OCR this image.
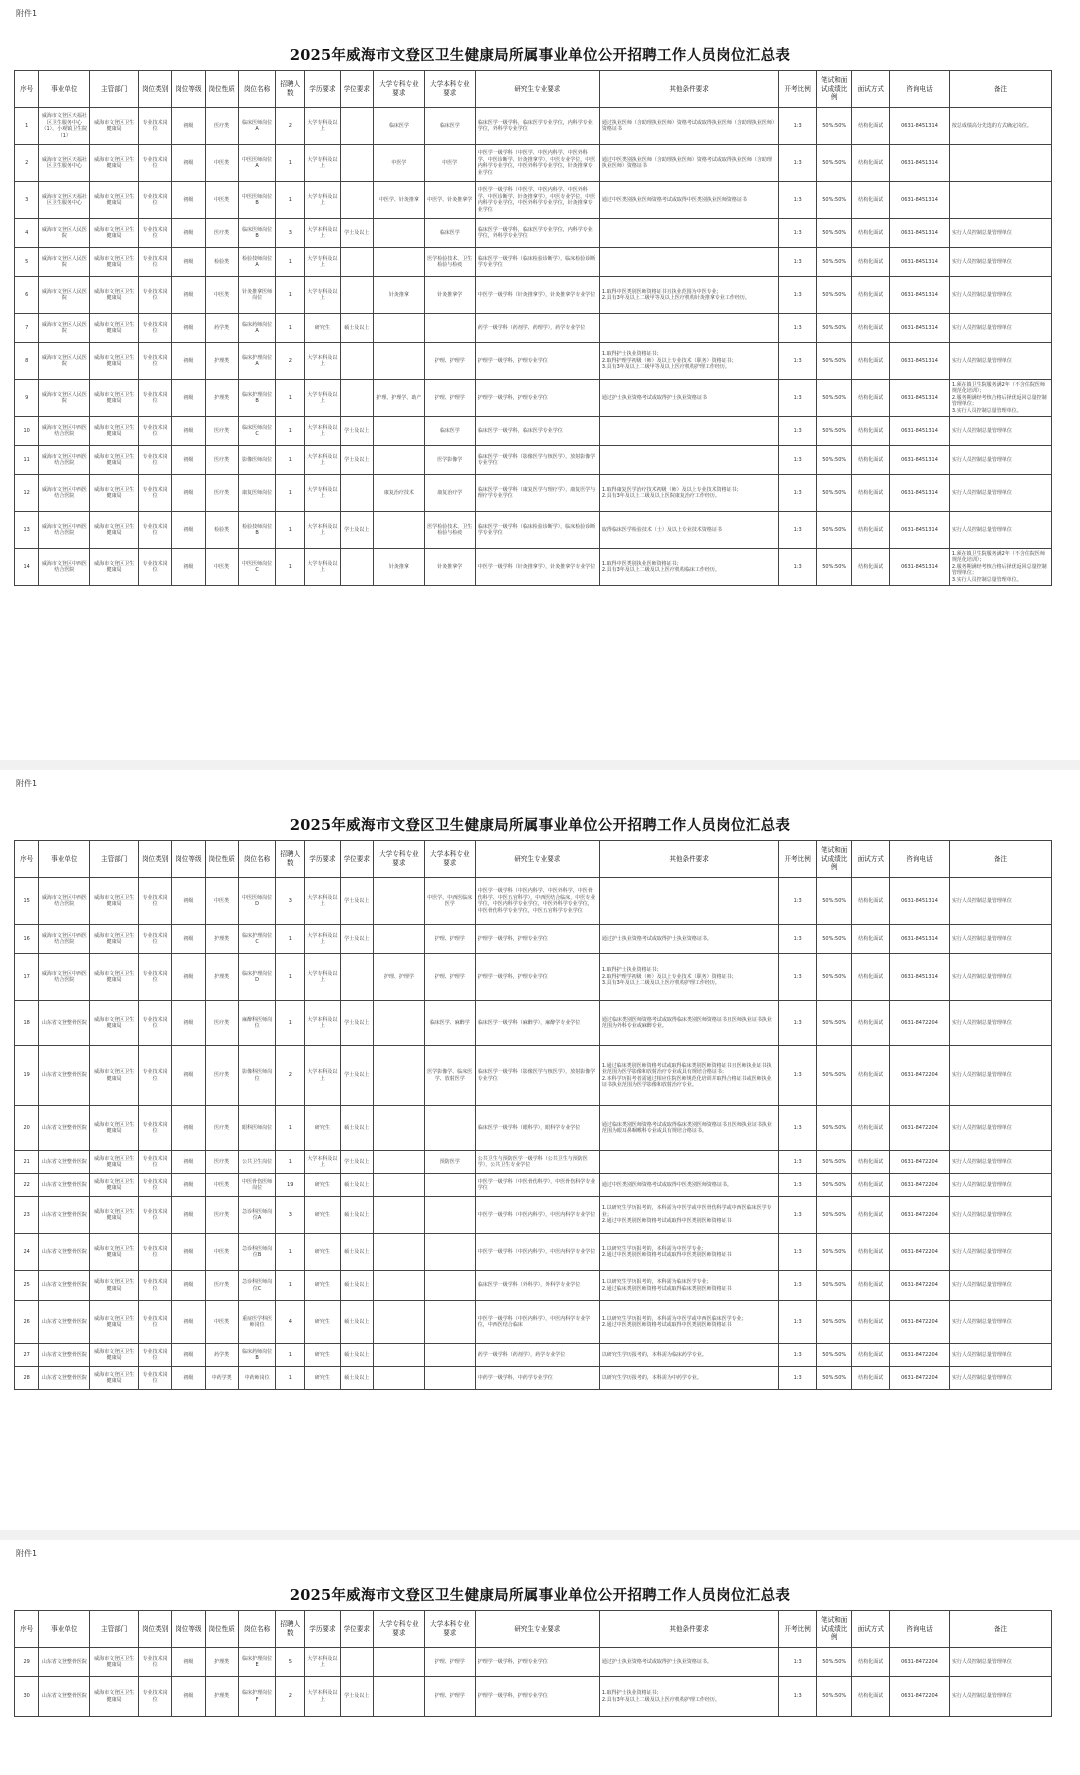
附件1
2025年威海市文登区卫生健康局所属事业单位公开招聘工作人员岗位汇总表
序号	事业单位	主管部门	岗位类别	岗位等级	岗位性质	岗位名称	招聘人数	学历要求	学位要求	大学专科专业要求	大学本科专业要求	研究生专业要求	其他条件要求	开考比例	笔试和面试成绩比例	面试方式	咨询电话	备注
1	威海市文登区天福社区卫生服务中心（1）、小观镇卫生院（1）	威海市文登区卫生健康局	专业技术岗位	初级	医疗类	临床医师岗位A	2	大学专科及以上		临床医学	临床医学	临床医学一级学科，临床医学专业学位，内科学专业学位，外科学专业学位	通过执业医师（含助理执业医师）资格考试或取得执业医师（含助理执业医师）资格证书	1:3	50%:50%	结构化面试	0631-8451314	按总成绩高分先选的方式确定岗位。
2	威海市文登区天福社区卫生服务中心	威海市文登区卫生健康局	专业技术岗位	初级	中医类	中医医师岗位A	1	大学专科及以上		中医学	中医学	中医学一级学科（中医学、中医内科学、中医外科学、中医诊断学、针灸推拿学），中医专业学位，中医内科学专业学位，中医外科学专业学位，针灸推拿专业学位	通过中医类别执业医师（含助理执业医师）资格考试或取得执业医师（含助理执业医师）资格证书	1:3	50%:50%	结构化面试	0631-8451314	
3	威海市文登区天福社区卫生服务中心	威海市文登区卫生健康局	专业技术岗位	初级	中医类	中医医师岗位B	1	大学专科及以上		中医学、针灸推拿	中医学、针灸推拿学	中医学一级学科（中医学、中医内科学、中医外科学、中医诊断学、针灸推拿学），中医专业学位，中医内科学专业学位，中医外科学专业学位，针灸推拿专业学位	通过中医类别执业医师资格考试或取得中医类别执业医师资格证书	1:3	50%:50%	结构化面试	0631-8451314	
4	威海市文登区人民医院	威海市文登区卫生健康局	专业技术岗位	初级	医疗类	临床医师岗位B	3	大学本科及以上	学士及以上		临床医学	临床医学一级学科，临床医学专业学位，内科学专业学位，外科学专业学位		1:3	50%:50%	结构化面试	0631-8451314	实行人员控制总量管理单位
5	威海市文登区人民医院	威海市文登区卫生健康局	专业技术岗位	初级	检验类	检验技师岗位A	1	大学专科及以上			医学检验技术、卫生检验与检疫	临床医学一级学科（临床检验诊断学），临床检验诊断学专业学位		1:3	50%:50%	结构化面试	0631-8451314	实行人员控制总量管理单位
6	威海市文登区人民医院	威海市文登区卫生健康局	专业技术岗位	初级	中医类	针灸推拿医师岗位	1	大学专科及以上		针灸推拿	针灸推拿学	中医学一级学科（针灸推拿学），针灸推拿学专业学位	1.取得中医类别医师资格证书且执业范围为中医专业；
2.具有3年及以上二级甲等及以上医疗机构针灸推拿专业工作经历。	1:3	50%:50%	结构化面试	0631-8451314	实行人员控制总量管理单位
7	威海市文登区人民医院	威海市文登区卫生健康局	专业技术岗位	初级	药学类	临床药师岗位A	1	研究生	硕士及以上			药学一级学科（药剂学、药理学），药学专业学位		1:3	50%:50%	结构化面试	0631-8451314	实行人员控制总量管理单位
8	威海市文登区人民医院	威海市文登区卫生健康局	专业技术岗位	初级	护理类	临床护理岗位A	2	大学本科及以上			护理、护理学	护理学一级学科，护理专业学位	1.取得护士执业资格证书；
2.取得护理学初级（师）及以上专业技术（职务）资格证书；
3.具有3年及以上二级甲等及以上医疗机构护理工作经历。	1:3	50%:50%	结构化面试	0631-8451314	实行人员控制总量管理单位
9	威海市文登区人民医院	威海市文登区卫生健康局	专业技术岗位	初级	护理类	临床护理岗位B	1	大学专科及以上		护理、护理学、助产	护理、护理学	护理学一级学科，护理专业学位	通过护士执业资格考试或取得护士执业资格证书	1:3	50%:50%	结构化面试	0631-8451314	1.须在镇卫生院服务满2年（不含住院医师规范化培训）；
2.服务期满经考核合格后择优返回总量控制管理单位；
3.实行人员控制总量管理单位。
10	威海市文登区中西医结合医院	威海市文登区卫生健康局	专业技术岗位	初级	医疗类	临床医师岗位C	1	大学本科及以上	学士及以上		临床医学	临床医学一级学科，临床医学专业学位		1:3	50%:50%	结构化面试	0631-8451314	实行人员控制总量管理单位
11	威海市文登区中西医结合医院	威海市文登区卫生健康局	专业技术岗位	初级	医疗类	影像医师岗位	1	大学本科及以上	学士及以上		医学影像学	临床医学一级学科（影像医学与核医学），放射影像学专业学位		1:3	50%:50%	结构化面试	0631-8451314	实行人员控制总量管理单位
12	威海市文登区中西医结合医院	威海市文登区卫生健康局	专业技术岗位	初级	医疗类	康复医师岗位	1	大学专科及以上		康复治疗技术	康复治疗学	临床医学一级学科（康复医学与理疗学），康复医学与理疗学专业学位	1.取得康复医学治疗技术初级（师）及以上专业技术资格证书；
2.具有3年及以上二级及以上医院康复治疗工作经历。	1:3	50%:50%	结构化面试	0631-8451314	实行人员控制总量管理单位
13	威海市文登区中西医结合医院	威海市文登区卫生健康局	专业技术岗位	初级	检验类	检验技师岗位B	1	大学本科及以上	学士及以上		医学检验技术、卫生检验与检疫	临床医学一级学科（临床检验诊断学），临床检验诊断学专业学位	取得临床医学检验技术（士）及以上专业技术资格证书	1:3	50%:50%	结构化面试	0631-8451314	实行人员控制总量管理单位
14	威海市文登区中西医结合医院	威海市文登区卫生健康局	专业技术岗位	初级	中医类	中医医师岗位C	1	大学专科及以上		针灸推拿	针灸推拿学	中医学一级学科（针灸推拿学），针灸推拿学专业学位	1.取得中医类别执业医师资格证书；
2.具有3年及以上二级及以上医疗机构临床工作经历。	1:3	50%:50%	结构化面试	0631-8451314	1.须在镇卫生院服务满2年（不含住院医师规范化培训）；
2.服务期满经考核合格后择优返回总量控制管理单位；
3.实行人员控制总量管理单位。
附件1
2025年威海市文登区卫生健康局所属事业单位公开招聘工作人员岗位汇总表
序号	事业单位	主管部门	岗位类别	岗位等级	岗位性质	岗位名称	招聘人数	学历要求	学位要求	大学专科专业要求	大学本科专业要求	研究生专业要求	其他条件要求	开考比例	笔试和面试成绩比例	面试方式	咨询电话	备注
15	威海市文登区中西医结合医院	威海市文登区卫生健康局	专业技术岗位	初级	中医类	中医医师岗位D	3	大学本科及以上	学士及以上		中医学、中西医临床医学	中医学一级学科（中医内科学、中医外科学、中医骨伤科学、中医五官科学），中西医结合临床，中医专业学位，中医内科学专业学位，中医外科学专业学位，中医骨伤科学专业学位，中医五官科学专业学位		1:3	50%:50%	结构化面试	0631-8451314	实行人员控制总量管理单位
16	威海市文登区中西医结合医院	威海市文登区卫生健康局	专业技术岗位	初级	护理类	临床护理岗位C	1	大学本科及以上	学士及以上		护理、护理学	护理学一级学科，护理专业学位	通过护士执业资格考试或取得护士执业资格证书。	1:3	50%:50%	结构化面试	0631-8451314	实行人员控制总量管理单位
17	威海市文登区中西医结合医院	威海市文登区卫生健康局	专业技术岗位	初级	护理类	临床护理岗位D	1	大学专科及以上		护理、护理学	护理、护理学	护理学一级学科，护理专业学位	1.取得护士执业资格证书；
2.取得护理学初级（师）及以上专业技术（职务）资格证书；
3.具有3年及以上二级及以上医疗机构护理工作经历。	1:3	50%:50%	结构化面试	0631-8451314	实行人员控制总量管理单位
18	山东省文登整骨医院	威海市文登区卫生健康局	专业技术岗位	初级	医疗类	麻醉科医师岗位	1	大学本科及以上	学士及以上		临床医学、麻醉学	临床医学一级学科（麻醉学），麻醉学专业学位	通过临床类别医师资格考试或取得临床类别医师资格证书且医师执业证书执业范围为外科专业或麻醉专业。	1:3	50%:50%	结构化面试	0631-8472204	实行人员控制总量管理单位
19	山东省文登整骨医院	威海市文登区卫生健康局	专业技术岗位	初级	医疗类	影像科医师岗位	2	大学本科及以上	学士及以上		医学影像学、临床医学、放射医学	临床医学一级学科（影像医学与核医学），放射影像学专业学位	1.通过临床类别医师资格考试或取得临床类别医师资格证书且医师执业证书执业范围为医学影像和放射治疗专业或具有规培合格证书；
2.本科学历报考者需通过相应住院医师规范化培训并取得合格证书或医师执业证书执业范围为医学影像和放射治疗专业。	1:3	50%:50%	结构化面试	0631-8472204	实行人员控制总量管理单位
20	山东省文登整骨医院	威海市文登区卫生健康局	专业技术岗位	初级	医疗类	眼科医师岗位	1	研究生	硕士及以上			临床医学一级学科（眼科学），眼科学专业学位	通过临床类别医师资格考试或取得临床类别医师资格证书且医师执业证书执业范围为眼耳鼻咽喉科专业或具有规培合格证书。	1:3	50%:50%	结构化面试	0631-8472204	实行人员控制总量管理单位
21	山东省文登整骨医院	威海市文登区卫生健康局	专业技术岗位	初级	医疗类	公共卫生岗位	1	大学本科及以上	学士及以上		预防医学	公共卫生与预防医学一级学科（公共卫生与预防医学），公共卫生专业学位		1:3	50%:50%	结构化面试	0631-8472204	实行人员控制总量管理单位
22	山东省文登整骨医院	威海市文登区卫生健康局	专业技术岗位	初级	中医类	中医骨伤医师岗位	19	研究生	硕士及以上			中医学一级学科（中医骨伤科学），中医骨伤科学专业学位	通过中医类别医师资格考试或取得中医类别医师资格证书。	1:3	50%:50%	结构化面试	0631-8472204	实行人员控制总量管理单位
23	山东省文登整骨医院	威海市文登区卫生健康局	专业技术岗位	初级	医疗类	急诊科医师岗位A	3	研究生	硕士及以上			中医学一级学科（中医内科学），中医内科学专业学位	1.以研究生学历报考的，本科需为中医学或中医骨伤科学或中西医临床医学专业；
2.通过中医类别医师资格考试或取得中医类别医师资格证书	1:3	50%:50%	结构化面试	0631-8472204	实行人员控制总量管理单位
24	山东省文登整骨医院	威海市文登区卫生健康局	专业技术岗位	初级	中医类	急诊科医师岗位B	1	研究生	硕士及以上			中医学一级学科（中医内科学），中医内科学专业学位	1.以研究生学历报考的，本科需为中医学专业；
2.通过中医类别医师资格考试或取得中医类别医师资格证书	1:3	50%:50%	结构化面试	0631-8472204	实行人员控制总量管理单位
25	山东省文登整骨医院	威海市文登区卫生健康局	专业技术岗位	初级	医疗类	急诊科医师岗位C	1	研究生	硕士及以上			临床医学一级学科（外科学），外科学专业学位	1.以研究生学历报考的，本科需为临床医学专业；
2.通过临床类别医师资格考试或取得临床类别医师资格证书	1:3	50%:50%	结构化面试	0631-8472204	实行人员控制总量管理单位
26	山东省文登整骨医院	威海市文登区卫生健康局	专业技术岗位	初级	中医类	重症医学科医师岗位	4	研究生	硕士及以上			中医学一级学科（中医内科学），中医内科学专业学位，中西医结合临床	1.以研究生学历报考的，本科需为中医学或中西医临床医学专业；
2.通过中医类别医师资格考试或取得中医类别医师资格证书	1:3	50%:50%	结构化面试	0631-8472204	实行人员控制总量管理单位
27	山东省文登整骨医院	威海市文登区卫生健康局	专业技术岗位	初级	药学类	临床药师岗位B	1	研究生	硕士及以上			药学一级学科（药剂学），药学专业学位	以研究生学历报考的，本科需为临床药学专业。	1:3	50%:50%	结构化面试	0631-8472204	实行人员控制总量管理单位
28	山东省文登整骨医院	威海市文登区卫生健康局	专业技术岗位	初级	中药学类	中药师岗位	1	研究生	硕士及以上			中药学一级学科，中药学专业学位	以研究生学历报考的，本科需为中药学专业。	1:3	50%:50%	结构化面试	0631-8472204	实行人员控制总量管理单位
附件1
2025年威海市文登区卫生健康局所属事业单位公开招聘工作人员岗位汇总表
序号	事业单位	主管部门	岗位类别	岗位等级	岗位性质	岗位名称	招聘人数	学历要求	学位要求	大学专科专业要求	大学本科专业要求	研究生专业要求	其他条件要求	开考比例	笔试和面试成绩比例	面试方式	咨询电话	备注
29	山东省文登整骨医院	威海市文登区卫生健康局	专业技术岗位	初级	护理类	临床护理岗位E	5	大学本科及以上			护理、护理学	护理学一级学科，护理专业学位	通过护士执业资格考试或取得护士执业资格证书。	1:3	50%:50%	结构化面试	0631-8472204	实行人员控制总量管理单位
30	山东省文登整骨医院	威海市文登区卫生健康局	专业技术岗位	初级	护理类	临床护理岗位F	2	大学本科及以上	学士及以上		护理、护理学	护理学一级学科，护理专业学位	1.取得护士执业资格证书；
2.具有3年及以上二级及以上医疗机构护理工作经历。	1:3	50%:50%	结构化面试	0631-8472204	实行人员控制总量管理单位
